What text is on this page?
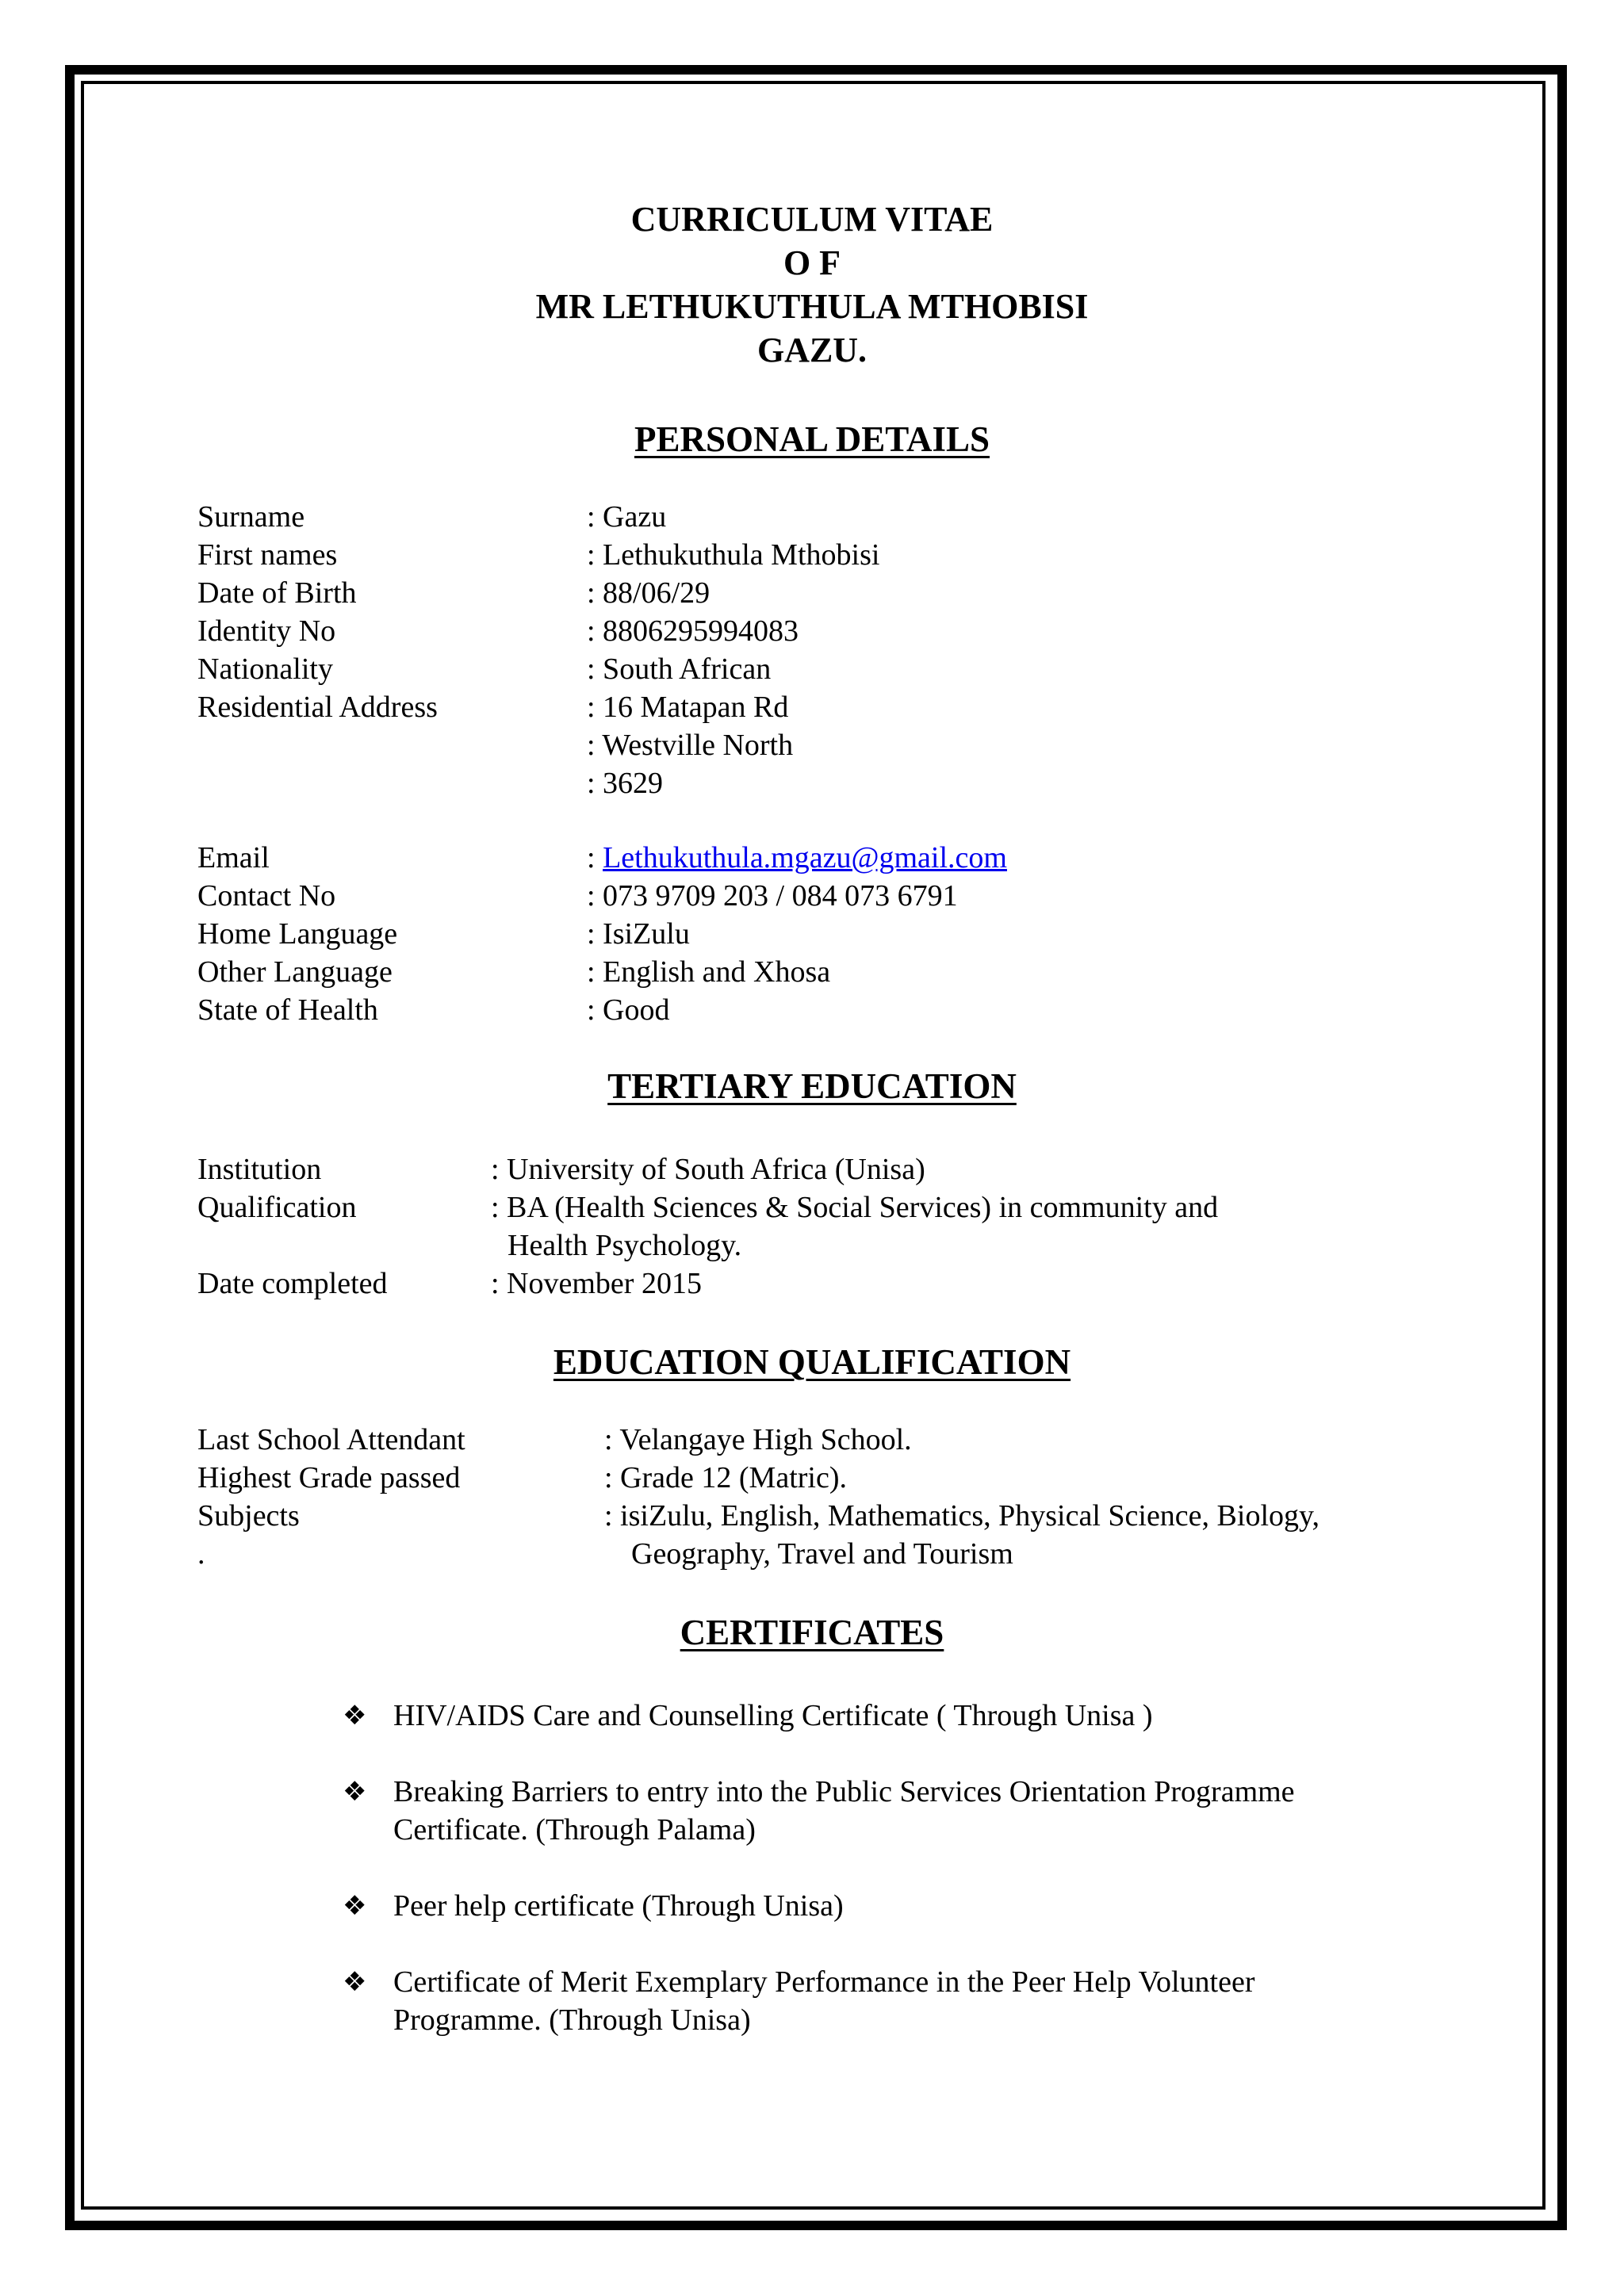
CURRICULUM VITAE
O F
MR LETHUKUTHULA MTHOBISI
GAZU.
PERSONAL DETAILS
Surname	: Gazu
First names	: Lethukuthula Mthobisi
Date of Birth	: 88/06/29
Identity No	: 8806295994083
Nationality	: South African
Residential Address	: 16 Matapan Rd
: Westville North
: 3629
Email	: Lethukuthula.mgazu@gmail.com
Contact No	: 073 9709 203 / 084 073 6791
Home Language	: IsiZulu
Other Language	: English and Xhosa
State of Health	: Good
TERTIARY EDUCATION
Institution	: University of South Africa (Unisa)
Qualification	: BA (Health Sciences & Social Services) in community and
Health Psychology.
Date completed	: November 2015
EDUCATION QUALIFICATION
Last School Attendant	: Velangaye High School.
Highest Grade passed	: Grade 12 (Matric).
Subjects	: isiZulu, English, Mathematics, Physical Science, Biology,
.	Geography, Travel and Tourism
CERTIFICATES
❖ HIV/AIDS Care and Counselling Certificate ( Through Unisa )
❖ Breaking Barriers to entry into the Public Services Orientation Programme
Certificate. (Through Palama)
❖ Peer help certificate (Through Unisa)
❖ Certificate of Merit Exemplary Performance in the Peer Help Volunteer
Programme. (Through Unisa)
